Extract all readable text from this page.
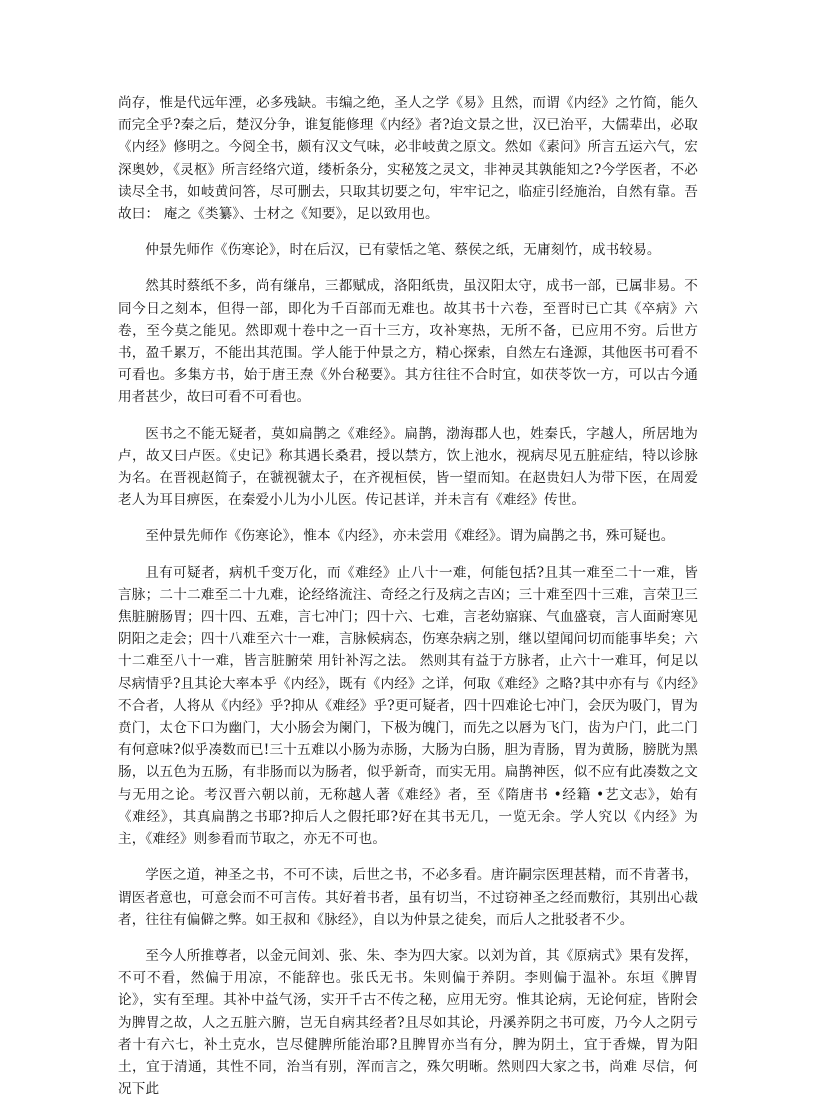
尚存，惟是代远年湮，必多残缺。韦编之绝，圣人之学《易》且然，而谓《内经》之竹简，能久而完全乎?秦之后，楚汉分争，谁复能修理《内经》者?迨文景之世，汉已治平，大儒辈出，必取《内经》修明之。今阅全书，颇有汉文气味，必非岐黄之原文。然如《素问》所言五运六气，宏深奥妙，《灵枢》所言经络穴道，缕析条分，实秘笈之灵文，非神灵其孰能知之?今学医者，不必读尽全书，如岐黄问答，尽可删去，只取其切要之句，牢牢记之，临症引经施治，自然有靠。吾故曰： 庵之《类纂》、士材之《知要》，足以致用也。

仲景先师作《伤寒论》，时在后汉，已有蒙恬之笔、蔡侯之纸，无庸刻竹，成书较易。

然其时蔡纸不多，尚有缣帛，三都赋成，洛阳纸贵，虽汉阳太守，成书一部，已属非易。不同今日之刻本，但得一部，即化为千百部而无难也。故其书十六卷，至晋时已亡其《卒病》六卷，至今莫之能见。然即观十卷中之一百十三方，攻补寒热，无所不备，已应用不穷。后世方书，盈千累万，不能出其范围。学人能于仲景之方，精心探索，自然左右逢源，其他医书可看不可看也。多集方书，始于唐王焘《外台秘要》。其方往往不合时宜，如茯苓饮一方，可以古今通用者甚少，故曰可看不可看也。

医书之不能无疑者，莫如扁鹊之《难经》。扁鹊，渤海郡人也，姓秦氏，字越人，所居地为卢，故又曰卢医。《史记》称其遇长桑君，授以禁方，饮上池水，视病尽见五脏症结，特以诊脉为名。在晋视赵简子，在虢视虢太子，在齐视桓侯，皆一望而知。在赵贵妇人为带下医，在周爱老人为耳目痹医，在秦爱小儿为小儿医。传记甚详，并未言有《难经》传世。

至仲景先师作《伤寒论》，惟本《内经》，亦未尝用《难经》。谓为扁鹊之书，殊可疑也。

且有可疑者，病机千变万化，而《难经》止八十一难，何能包括?且其一难至二十一难，皆言脉；二十二难至二十九难，论经络流注、奇经之行及病之吉凶；三十难至四十三难，言荣卫三焦脏腑肠胃；四十四、五难，言七冲门；四十六、七难，言老幼寤寐、气血盛衰，言人面耐寒见阴阳之走会；四十八难至六十一难，言脉候病态，伤寒杂病之别，继以望闻问切而能事毕矣；六十二难至八十一难，皆言脏腑荣 用针补泻之法。 然则其有益于方脉者，止六十一难耳，何足以尽病情乎?且其论大率本乎《内经》，既有《内经》之详，何取《难经》之略?其中亦有与《内经》不合者，人将从《内经》乎?抑从《难经》乎?更可疑者，四十四难论七冲门，会厌为吸门，胃为贲门，太仓下口为幽门，大小肠会为阑门，下极为魄门，而先之以唇为飞门，齿为户门，此二门有何意味?似乎凑数而已!三十五难以小肠为赤肠，大肠为白肠，胆为青肠，胃为黄肠，膀胱为黑肠，以五色为五肠，有非肠而以为肠者，似乎新奇，而实无用。扁鹊神医，似不应有此凑数之文与无用之论。考汉晋六朝以前，无称越人著《难经》者，至《隋唐书 •经籍 •艺文志》，始有《难经》，其真扁鹊之书耶?抑后人之假托耶?好在其书无几，一览无余。学人究以《内经》为主，《难经》则参看而节取之，亦无不可也。

学医之道，神圣之书，不可不读，后世之书，不必多看。唐许嗣宗医理甚精，而不肯著书，谓医者意也，可意会而不可言传。其好着书者，虽有切当，不过窃神圣之经而敷衍，其别出心裁者，往往有偏僻之弊。如王叔和《脉经》，自以为仲景之徒矣，而后人之批驳者不少。

至今人所推尊者，以金元间刘、张、朱、李为四大家。以刘为首，其《原病式》果有发挥，不可不看，然偏于用凉，不能辞也。张氏无书。朱则偏于养阴。李则偏于温补。东垣《脾胃论》，实有至理。其补中益气汤，实开千古不传之秘，应用无穷。惟其论病，无论何症，皆附会为脾胃之故，人之五脏六腑，岂无自病其经者?且尽如其论，丹溪养阴之书可废，乃今人之阴亏者十有六七，补土克水，岂尽健脾所能治耶?且脾胃亦当有分，脾为阴土，宜于香燥，胃为阳土，宜于清通，其性不同，治当有别，浑而言之，殊欠明晰。然则四大家之书，尚难 尽信，何况下此
